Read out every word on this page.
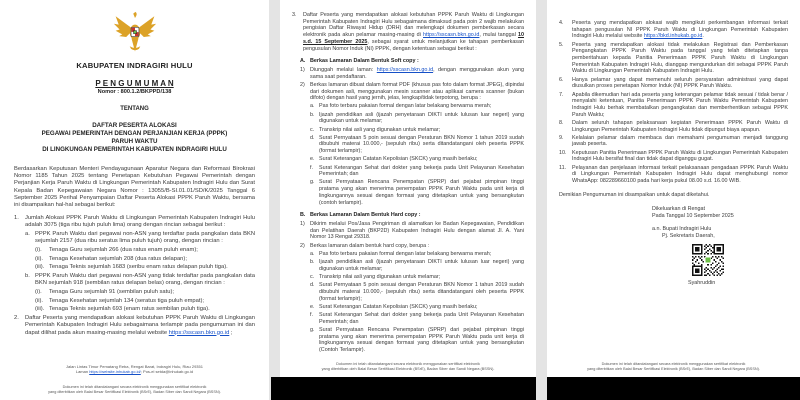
KABUPATEN INDRAGIRI HULU
P E N G U M U M A N
Nomor : 800.1.2/BKPPD/138
TENTANG
DAFTAR PESERTA ALOKASI
PEGAWAI PEMERINTAH DENGAN PERJANJIAN KERJA (PPPK)
PARUH WAKTU
DI LINGKUNGAN PEMERINTAH KABUPATEN INDRAGIRI HULU

Berdasarkan Keputusan Menteri Pendayagunaan Aparatur Negara dan Reformasi Birokrasi Nomor 1185 Tahun 2025 tentang Penetapan Kebutuhan Pegawai Pemerintah dengan Perjanjian Kerja Paruh Waktu di Lingkungan Pemerintah Kabupaten Indragiri Hulu dan Surat Kepala Badan Kepegawaian Negara Nomor : 13055/B-SI.01.01/SD/K/2025 Tanggal 6 September 2025 Perihal Penyampaian Daftar Peserta Alokasi PPPK Paruh Waktu, bersama ini disampaikan hal-hal sebagai berikut:

1.	Jumlah Alokasi PPPK Paruh Waktu di Lingkungan Pemerintah Kabupaten Indragiri Hulu adalah 3075 (tiga ribu tujuh puluh lima) orang dengan rincian sebagai berikut :
a. PPPK Paruh Waktu dari pegawai non-ASN yang terdaftar pada pangkalan data BKN sejumlah 2157 (dua ribu seratus lima puluh tujuh) orang, dengan rincian :
(i).	Tenaga Guru sejumlah 266 (dua ratus enam puluh enam);
(ii).	Tenaga Kesehatan sejumlah 208 (dua ratus delapan);
(iii). Tenaga Teknis sejumlah 1683 (seribu enam ratus delapan puluh tiga).
b. PPPK Paruh Waktu dari pegawai non-ASN yang tidak terdaftar pada pangkalan data BKN sejumlah 918 (sembilan ratus delapan belas) orang, dengan rincian :
(i).	Tenaga Guru sejumlah 91 (sembilan puluh satu);
(ii).	Tenaga Kesehatan sejumlah 134 (seratus tiga puluh empat);
(iii). Tenaga Teknis sejumlah 693 (enam ratus sembilan puluh tiga).
2.	Daftar Peserta yang mendapatkan alokasi kebutuhan PPPK Paruh Waktu di Lingkungan Pemerintah Kabupaten Indragiri Hulu sebagaimana terlampir pada pengumuman ini dan dapat dilihat pada akun masing-masing melalui website https://sscasn.bkn.go.id ;
Jalan Lintas Timur Pematang Reba, Rengat Barat, Indragiri Hulu, Riau 29351
Laman https://website.inhukab.go.id/; Pos-el setda@inhukab.go.id
Dokumen ini telah ditandatangani secara elektronik menggunakan sertifikat elektronik
yang diterbitkan oleh Balai Besar Sertifikasi Elektronik (BSrE), Badan Siber dan Sandi Negara (BSSN).
3.	Daftar Peserta yang mendapatkan alokasi kebutuhan PPPK Paruh Waktu di Lingkungan Pemerintah Kabupaten Indragiri Hulu sebagaimana dimaksud pada poin 2 wajib melakukan pengisian Daftar Riwayat Hidup (DRH) dan melengkapi dokumen pemberkasan secara elektronik pada akun pelamar masing-masing di https://sscasn.bkn.go.id, mulai tanggal 10 s.d. 15 September 2025, sebagai syarat untuk melanjutkan ke tahapan pemberkasan pengusulan Nomor Induk (NI) PPPK, dengan ketentuan sebagai berikut :
A. Berkas Lamaran Dalam Bentuk Soft copy :
1) Diunggah melalui laman: https://sscasn.bkn.go.id, dengan menggunakan akun yang sama saat pendaftaran.
2) Berkas lamaran dibuat dalam format PDF (khusus pas foto dalam format JPEG), dipindai dari dokumen asli, menggunakan mesin scanner atau aplikasi camera scanner (bukan difoto) dengan hasil yang jernih, jelas, lengkap/tidak terpotong, berupa :
a. Pas foto terbaru pakaian formal dengan latar belakang berwarna merah;
b. Ijazah pendidikan asli (ijazah penyetaraan DIKTI untuk lulusan luar negeri) yang digunakan untuk melamar;
c. Transkrip nilai asli yang digunakan untuk melamar;
d. Surat Pernyataan 5 poin sesuai dengan Peraturan BKN Nomor 1 tahun 2019 sudah dibubuhi materai 10.000,- (sepuluh ribu) serta ditandatangani oleh peserta PPPK (format terlampir);
e. Surat Keterangan Catatan Kepolisian (SKCK) yang masih berlaku;
f.	Surat Keterangan Sehat dari dokter yang bekerja pada Unit Pelayanan Kesehatan Pemerintah; dan
g. Surat Pernyataan Rencana Penempatan (SPRP) dari pejabat pimpinan tinggi pratama yang akan menerima penempatan PPPK Paruh Waktu pada unit kerja di lingkungannya sesuai dengan formasi yang ditetapkan untuk yang bersangkutan (contoh terlampir).
B. Berkas Lamaran Dalam Bentuk Hard copy :
1) Dikirim melalui Pos/Jasa Pengiriman di alamatkan ke Badan Kepegawaian, Pendidikan dan Pelatihan Daerah (BKP2D) Kabupaten Indragiri Hulu dengan alamat Jl. A. Yani Nomor 13 Rengat 29318.
2) Berkas lamaran dalam bentuk hard copy, berupa :
a. Pas foto terbaru pakaian formal dengan latar belakang berwarna merah;
b. Ijazah pendidikan asli (ijazah penyetaraan DIKTI untuk lulusan luar negeri) yang digunakan untuk melamar;
c. Transkrip nilai asli yang digunakan untuk melamar;
d. Surat Pernyataan 5 poin sesuai dengan Peraturan BKN Nomor 1 tahun 2019 sudah dibubuhi materai 10.000,- (sepuluh ribu) serta ditandatangani oleh peserta PPPK (format terlampir);
e. Surat Keterangan Catatan Kepolisian (SKCK) yang masih berlaku;
f.	Surat Keterangan Sehat dari dokter yang bekerja pada Unit Pelayanan Kesehatan Pemerintah; dan
g. Surat Pernyataan Rencana Penempatan (SPRP) dari pejabat pimpinan tinggi pratama yang akan menerima penempatan PPPK Paruh Waktu pada unit kerja di lingkungannya sesuai dengan formasi yang ditetapkan untuk yang bersangkutan (Contoh Terlampir).
Dokumen ini telah ditandatangani secara elektronik menggunakan sertifikat elektronik
yang diterbitkan oleh Balai Besar Sertifikasi Elektronik (BSrE), Badan Siber dan Sandi Negara (BSSN).
4.	Peserta yang mendapatkan alokasi wajib mengikuti perkembangan informasi terkait tahapan pengusulan NI PPPK Paruh Waktu di Lingkungan Pemerintah Kabupaten Indragiri Hulu melalui website https://bkd.inhukab.go.id.
5.	Peserta yang mendapatkan alokasi tidak melakukan Registrasi dan Pemberkasan Pengangkatan PPPK Paruh Waktu pada tanggal yang telah ditetapkan tanpa pemberitahuan kepada Panitia Penerimaan PPPK Paruh Waktu di Lingkungan Pemerintah Kabupaten Indragiri Hulu, dianggap mengundurkan diri sebagai PPPK Paruh Waktu di Lingkungan Pemerintah Kabupaten Indragiri Hulu.
6.	Hanya pelamar yang dapat memenuhi seluruh persyaratan administrasi yang dapat diusulkan proses penetapan Nomor Induk (NI) PPPK Paruh Waktu.
7.	Apabila dikemudian hari ada peserta yang keterangan pelamar tidak sesuai / tidak benar / menyalahi ketentuan, Panitia Penerimaan PPPK Paruh Waktu Pemerintah Kabupaten Indragiri Hulu berhak membatalkan pengangkatan dan memberhentikan sebagai PPPK Paruh Waktu;
8.	Dalam seluruh tahapan pelaksanaan kegiatan Penerimaan PPPK Paruh Waktu di Lingkungan Pemerintah Kabupaten Indragiri Hulu tidak dipungut biaya apapun.
9.	Kelalaian pelamar dalam membaca dan memahami pengumuman menjadi tanggung jawab peserta.
10.	Keputusan Panitia Penerimaan PPPK Paruh Waktu di Lingkungan Pemerintah Kabupaten Indragiri Hulu bersifat final dan tidak dapat diganggu gugat.
11.	Pelayanan dan penjelasan informasi terkait pelaksanaan pengadaan PPPK Paruh Waktu di Lingkungan Pemerintah Kabupaten Indragiri Hulu dapat menghubungi nomor WhatsApp: 082289660100 pada hari kerja pukul 08.00 s.d. 16.00 WIB.
Demikian Pengumuman ini disampaikan untuk dapat diketahui.
Dikeluarkan di Rengat
Pada Tanggal 10 September 2025
a.n. Bupati Indragiri Hulu
Pj. Sekretaris Daerah,
Syahruddin
Dokumen ini telah ditandatangani secara elektronik menggunakan sertifikat elektronik
yang diterbitkan oleh Balai Besar Sertifikasi Elektronik (BSrE), Badan Siber dan Sandi Negara (BSSN).
